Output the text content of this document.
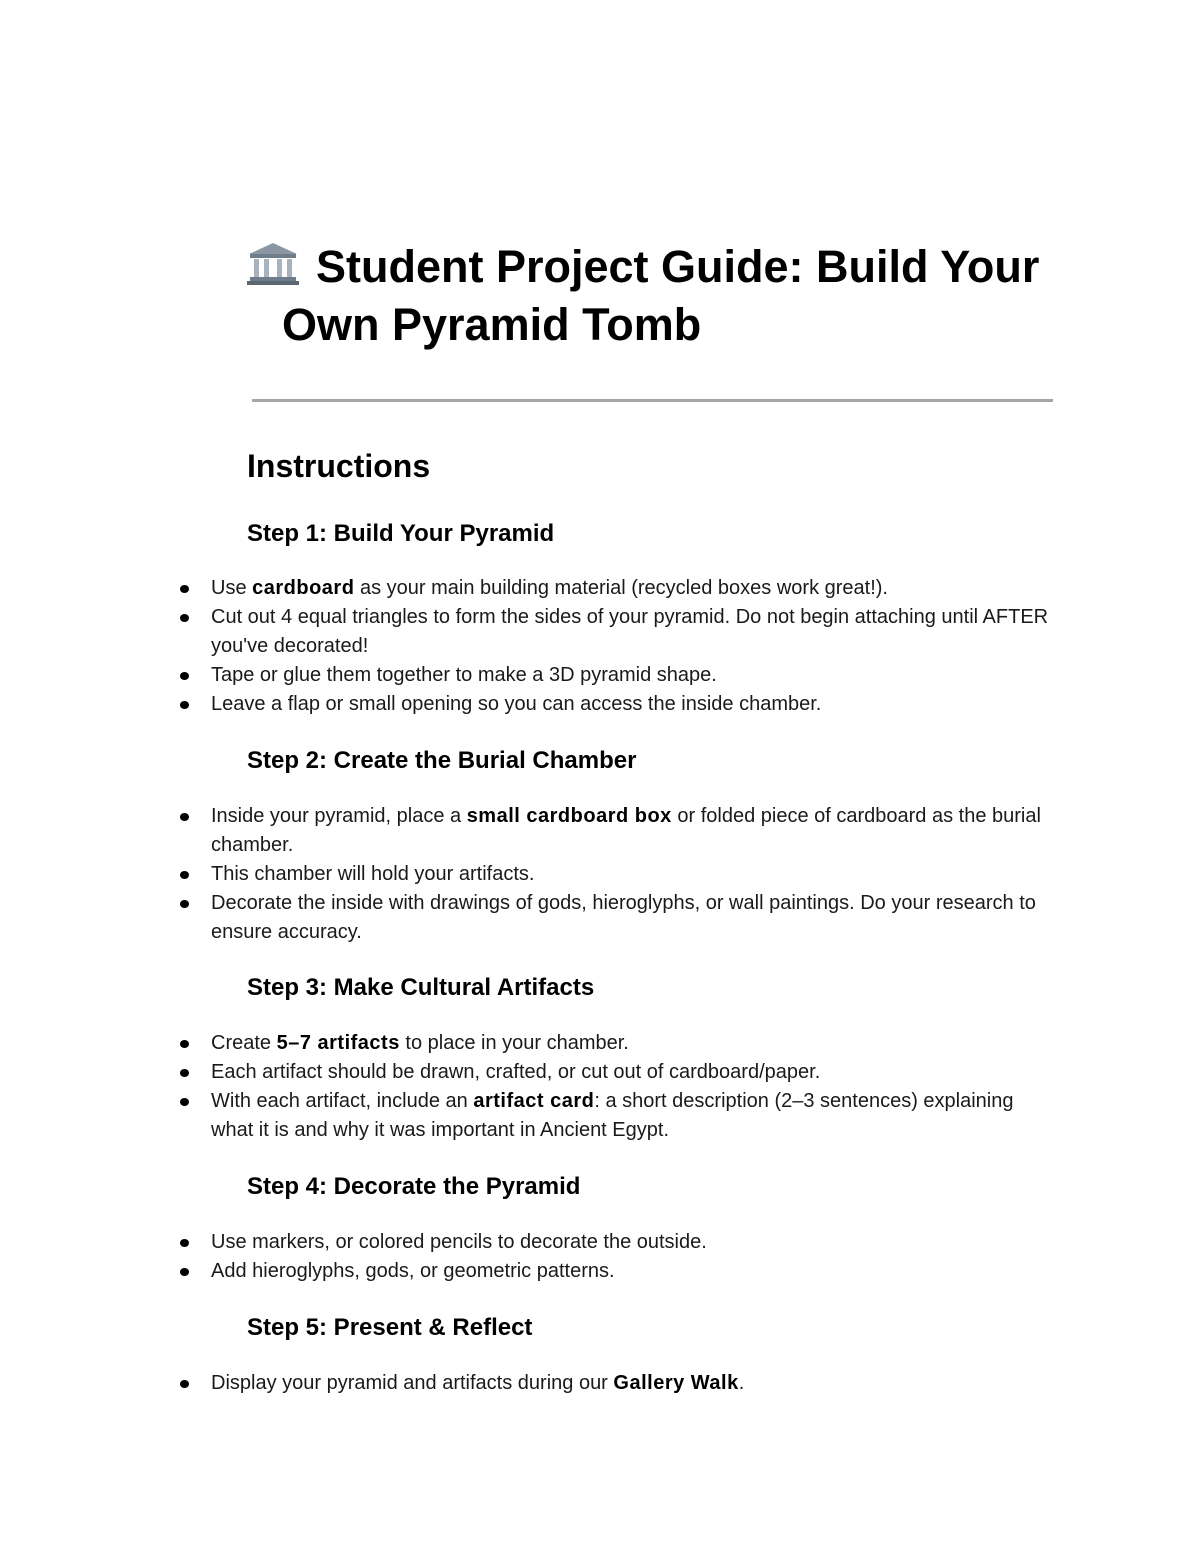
Student Project Guide: Build Your Own Pyramid Tomb
Instructions
Step 1: Build Your Pyramid
Use cardboard as your main building material (recycled boxes work great!).
Cut out 4 equal triangles to form the sides of your pyramid. Do not begin attaching until AFTER you've decorated!
Tape or glue them together to make a 3D pyramid shape.
Leave a flap or small opening so you can access the inside chamber.
Step 2: Create the Burial Chamber
Inside your pyramid, place a small cardboard box or folded piece of cardboard as the burial chamber.
This chamber will hold your artifacts.
Decorate the inside with drawings of gods, hieroglyphs, or wall paintings. Do your research to ensure accuracy.
Step 3: Make Cultural Artifacts
Create 5–7 artifacts to place in your chamber.
Each artifact should be drawn, crafted, or cut out of cardboard/paper.
With each artifact, include an artifact card: a short description (2–3 sentences) explaining what it is and why it was important in Ancient Egypt.
Step 4: Decorate the Pyramid
Use markers, or colored pencils to decorate the outside.
Add hieroglyphs, gods, or geometric patterns.
Step 5: Present & Reflect
Display your pyramid and artifacts during our Gallery Walk.
